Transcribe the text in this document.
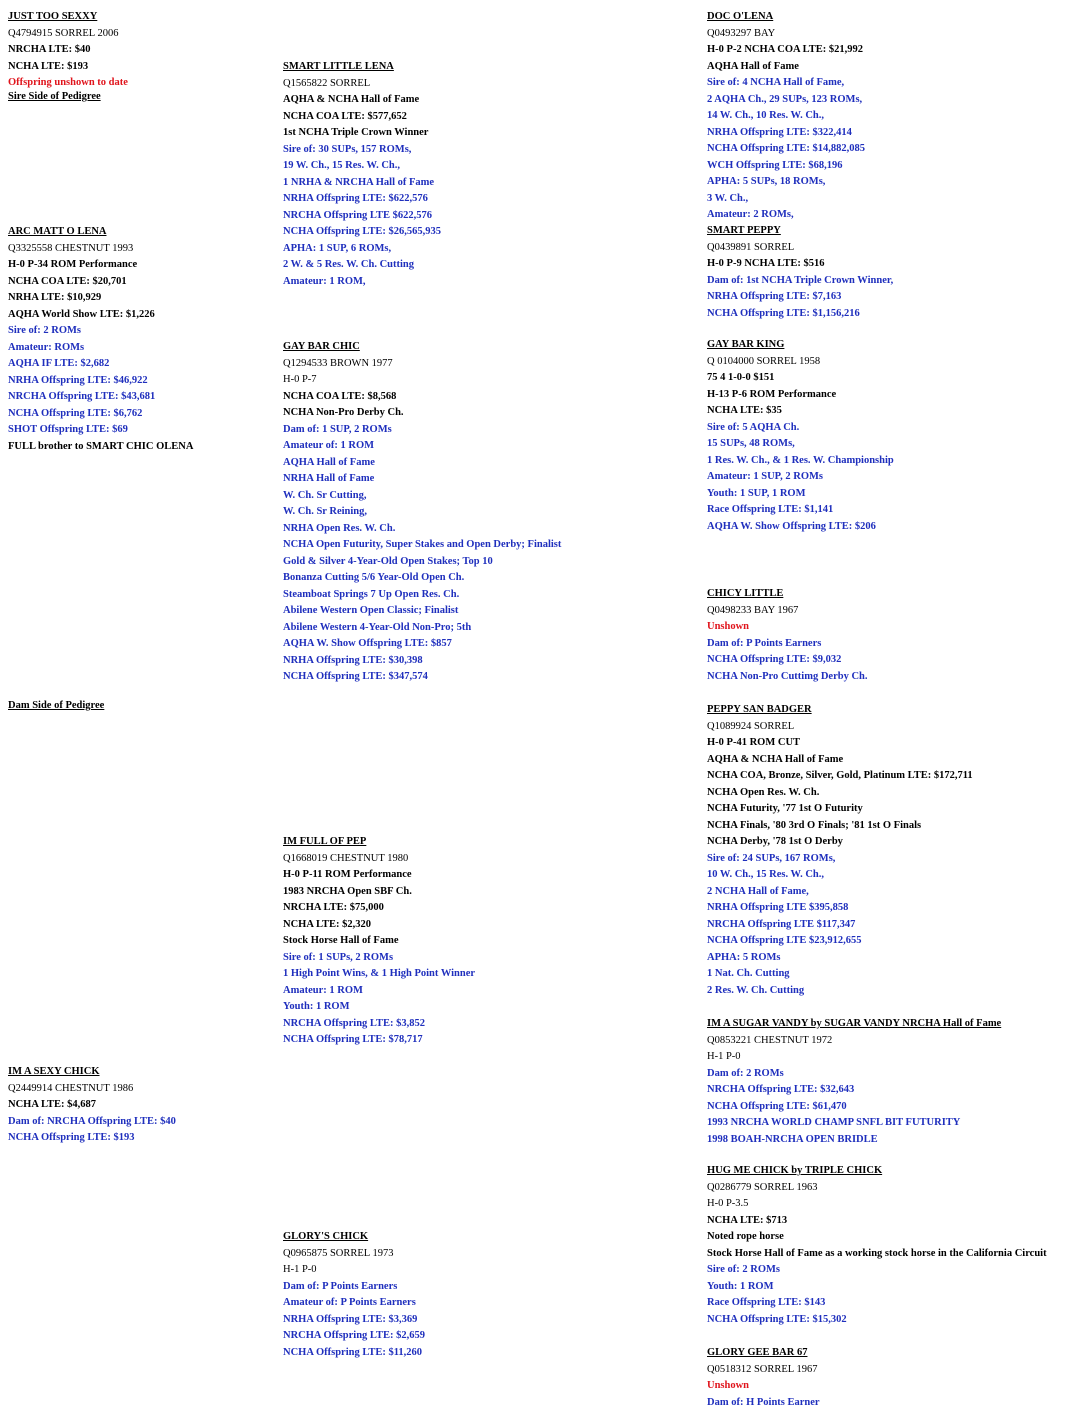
Sire Side of Pedigree
Dam Side of Pedigree
JUST TOO SEXXY
Q4794915 SORREL 2006
NRCHA LTE: $40
NCHA LTE: $193
Offspring unshown to date
ARC MATT O LENA
Q3325558 CHESTNUT 1993
H-0 P-34 ROM Performance
NCHA COA LTE: $20,701
NRHA LTE: $10,929
AQHA World Show LTE: $1,226
Sire of: 2 ROMs
Amateur: ROMs
AQHA IF LTE: $2,682
NRHA Offspring LTE: $46,922
NRCHA Offspring LTE: $43,681
NCHA Offspring LTE: $6,762
SHOT Offspring LTE: $69
FULL brother to SMART CHIC OLENA
IM A SEXY CHICK
Q2449914 CHESTNUT 1986
NCHA LTE: $4,687
Dam of: NRCHA Offspring LTE: $40
NCHA Offspring LTE: $193
SMART LITTLE LENA
Q1565822 SORREL
AQHA & NCHA Hall of Fame
NCHA COA LTE: $577,652
1st NCHA Triple Crown Winner
Sire of: 30 SUPs, 157 ROMs,
19 W. Ch., 15 Res. W. Ch.,
1 NRHA & NRCHA Hall of Fame
NRHA Offspring LTE: $622,576
NRCHA Offspring LTE $622,576
NCHA Offspring LTE: $26,565,935
APHA: 1 SUP, 6 ROMs,
2 W. & 5 Res. W. Ch. Cutting
Amateur: 1 ROM,
GAY BAR CHIC
Q1294533 BROWN 1977
H-0 P-7
NCHA COA LTE: $8,568
NCHA Non-Pro Derby Ch.
Dam of: 1 SUP, 2 ROMs
Amateur of: 1 ROM
AQHA Hall of Fame
NRHA Hall of Fame
W. Ch. Sr Cutting,
W. Ch. Sr Reining,
NRHA Open Res. W. Ch.
NCHA Open Futurity, Super Stakes and Open Derby; Finalist
Gold & Silver 4-Year-Old Open Stakes; Top 10
Bonanza Cutting 5/6 Year-Old Open Ch.
Steamboat Springs 7 Up Open Res. Ch.
Abilene Western Open Classic; Finalist
Abilene Western 4-Year-Old Non-Pro; 5th
AQHA W. Show Offspring LTE: $857
NRHA Offspring LTE: $30,398
NCHA Offspring LTE: $347,574
IM FULL OF PEP
Q1668019 CHESTNUT 1980
H-0 P-11 ROM Performance
1983 NRCHA Open SBF Ch.
NRCHA LTE: $75,000
NCHA LTE: $2,320
Stock Horse Hall of Fame
Sire of: 1 SUPs, 2 ROMs
1 High Point Wins, & 1 High Point Winner
Amateur: 1 ROM
Youth: 1 ROM
NRCHA Offspring LTE: $3,852
NCHA Offspring LTE: $78,717
GLORY'S CHICK
Q0965875 SORREL 1973
H-1 P-0
Dam of: P Points Earners
Amateur of: P Points Earners
NRHA Offspring LTE: $3,369
NRCHA Offspring LTE: $2,659
NCHA Offspring LTE: $11,260
DOC O'LENA
Q0493297 BAY
H-0 P-2 NCHA COA LTE: $21,992
AQHA Hall of Fame
Sire of: 4 NCHA Hall of Fame,
2 AQHA Ch., 29 SUPs, 123 ROMs,
14 W. Ch., 10 Res. W. Ch.,
NRHA Offspring LTE: $322,414
NCHA Offspring LTE: $14,882,085
WCH Offspring LTE: $68,196
APHA: 5 SUPs, 18 ROMs,
3 W. Ch.,
Amateur: 2 ROMs,
SMART PEPPY
Q0439891 SORREL
H-0 P-9 NCHA LTE: $516
Dam of: 1st NCHA Triple Crown Winner,
NRHA Offspring LTE: $7,163
NCHA Offspring LTE: $1,156,216
GAY BAR KING
Q 0104000 SORREL 1958
75 4 1-0-0 $151
H-13 P-6 ROM Performance
NCHA LTE: $35
Sire of: 5 AQHA Ch.
15 SUPs, 48 ROMs,
1 Res. W. Ch., & 1 Res. W. Championship
Amateur: 1 SUP, 2 ROMs
Youth: 1 SUP, 1 ROM
Race Offspring LTE: $1,141
AQHA W. Show Offspring LTE: $206
CHICY LITTLE
Q0498233 BAY 1967
Unshown
Dam of: P Points Earners
NCHA Offspring LTE: $9,032
NCHA Non-Pro Cuttimg Derby Ch.
PEPPY SAN BADGER
Q1089924 SORREL
H-0 P-41 ROM CUT
AQHA & NCHA Hall of Fame
NCHA COA, Bronze, Silver, Gold, Platinum LTE: $172,711
NCHA Open Res. W. Ch.
NCHA Futurity, '77 1st O Futurity
NCHA Finals, '80 3rd O Finals; '81 1st O Finals
NCHA Derby, '78 1st O Derby
Sire of: 24 SUPs, 167 ROMs,
10 W. Ch., 15 Res. W. Ch.,
2 NCHA Hall of Fame,
NRHA Offspring LTE $395,858
NRCHA Offspring LTE $117,347
NCHA Offspring LTE $23,912,655
APHA: 5 ROMs
1 Nat. Ch. Cutting
2 Res. W. Ch. Cutting
IM A SUGAR VANDY by SUGAR VANDY NRCHA Hall of Fame
Q0853221 CHESTNUT 1972
H-1 P-0
Dam of: 2 ROMs
NRCHA Offspring LTE: $32,643
NCHA Offspring LTE: $61,470
1993 NRCHA WORLD CHAMP SNFL BIT FUTURITY
1998 BOAH-NRCHA OPEN BRIDLE
HUG ME CHICK by TRIPLE CHICK
Q0286779 SORREL 1963
H-0 P-3.5
NCHA LTE: $713
Noted rope horse
Stock Horse Hall of Fame as a working stock horse in the California Circuit
Sire of: 2 ROMs
Youth: 1 ROM
Race Offspring LTE: $143
NCHA Offspring LTE: $15,302
GLORY GEE BAR 67
Q0518312 SORREL 1967
Unshown
Dam of: H Points Earner
